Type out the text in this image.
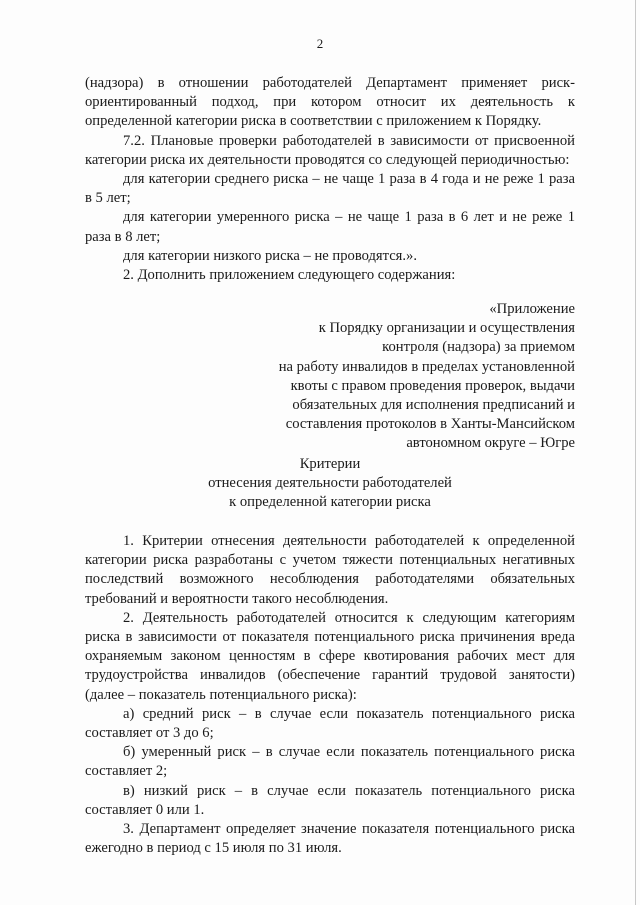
2

(надзора) в отношении работодателей Департамент применяет риск-ориентированный подход, при котором относит их деятельность к определенной категории риска в соответствии с приложением к Порядку.

7.2. Плановые проверки работодателей в зависимости от присвоенной категории риска их деятельности проводятся со следующей периодичностью:

для категории среднего риска – не чаще 1 раза в 4 года и не реже 1 раза в 5 лет;

для категории умеренного риска – не чаще 1 раза в 6 лет и не реже 1 раза в 8 лет;

для категории низкого риска – не проводятся.».

2. Дополнить приложением следующего содержания:

«Приложение

к Порядку организации и осуществления

контроля (надзора) за приемом

на работу инвалидов в пределах установленной

квоты с правом проведения проверок, выдачи

обязательных для исполнения предписаний и

составления протоколов в Ханты-Мансийском

автономном округе – Югре

Критерии

отнесения деятельности работодателей

к определенной категории риска

1. Критерии отнесения деятельности работодателей к определенной категории риска разработаны с учетом тяжести потенциальных негативных последствий возможного несоблюдения работодателями обязательных требований и вероятности такого несоблюдения.

2. Деятельность работодателей относится к следующим категориям риска в зависимости от показателя потенциального риска причинения вреда охраняемым законом ценностям в сфере квотирования рабочих мест для трудоустройства инвалидов (обеспечение гарантий трудовой занятости) (далее – показатель потенциального риска):

а) средний риск – в случае если показатель потенциального риска составляет от 3 до 6;

б) умеренный риск – в случае если показатель потенциального риска составляет 2;

в) низкий риск – в случае если показатель потенциального риска составляет 0 или 1.

3. Департамент определяет значение показателя потенциального риска ежегодно в период с 15 июля по 31 июля.
